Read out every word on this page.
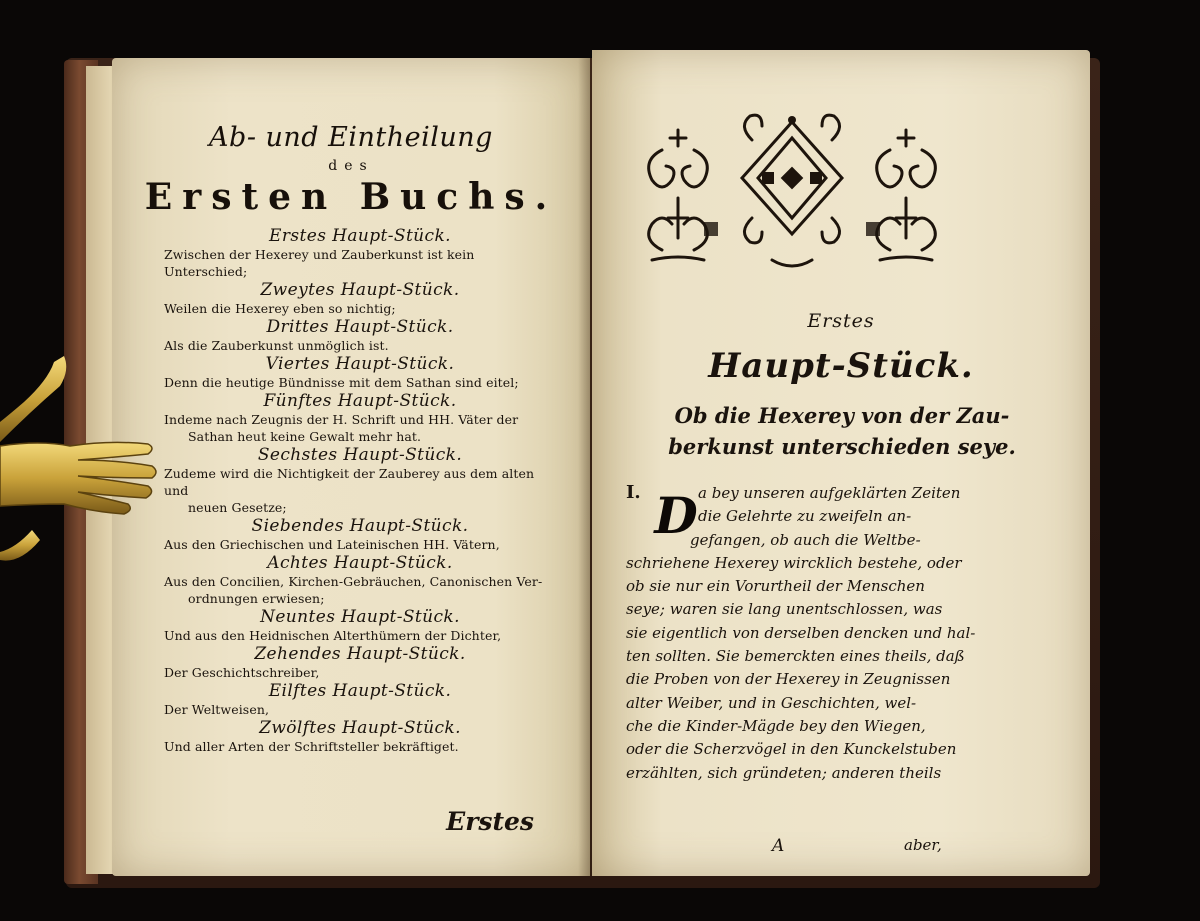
Ab- und Eintheilung
des
Ersten Buchs.
Erstes Haupt-Stück.
Zwischen der Hexerey und Zauberkunst ist kein Unterschied;
Zweytes Haupt-Stück.
Weilen die Hexerey eben so nichtig;
Drittes Haupt-Stück.
Als die Zauberkunst unmöglich ist.
Viertes Haupt-Stück.
Denn die heutige Bündnisse mit dem Sathan sind eitel;
Fünftes Haupt-Stück.
Indeme nach Zeugnis der H. Schrift und HH. Väter der
Sathan heut keine Gewalt mehr hat.
Sechstes Haupt-Stück.
Zudeme wird die Nichtigkeit der Zauberey aus dem alten und
neuen Gesetze;
Siebendes Haupt-Stück.
Aus den Griechischen und Lateinischen HH. Vätern,
Achtes Haupt-Stück.
Aus den Concilien, Kirchen-Gebräuchen, Canonischen Ver-
ordnungen erwiesen;
Neuntes Haupt-Stück.
Und aus den Heidnischen Alterthümern der Dichter,
Zehendes Haupt-Stück.
Der Geschichtschreiber,
Eilftes Haupt-Stück.
Der Weltweisen,
Zwölftes Haupt-Stück.
Und aller Arten der Schriftsteller bekräftiget.
Erstes
Erstes
Haupt-Stück.
Ob die Hexerey von der Zau-
berkunst unterschieden seye.
I. D a bey unseren aufgeklärten Zeiten
die Gelehrte zu zweifeln an-
gefangen, ob auch die Weltbe-
schriehene Hexerey wircklich bestehe, oder
ob sie nur ein Vorurtheil der Menschen
seye; waren sie lang unentschlossen, was
sie eigentlich von derselben dencken und hal-
ten sollten. Sie bemerckten eines theils, daß
die Proben von der Hexerey in Zeugnissen
alter Weiber, und in Geschichten, wel-
che die Kinder-Mägde bey den Wiegen,
oder die Scherzvögel in den Kunckelstuben
erzählten, sich gründeten; anderen theils
A	aber,
